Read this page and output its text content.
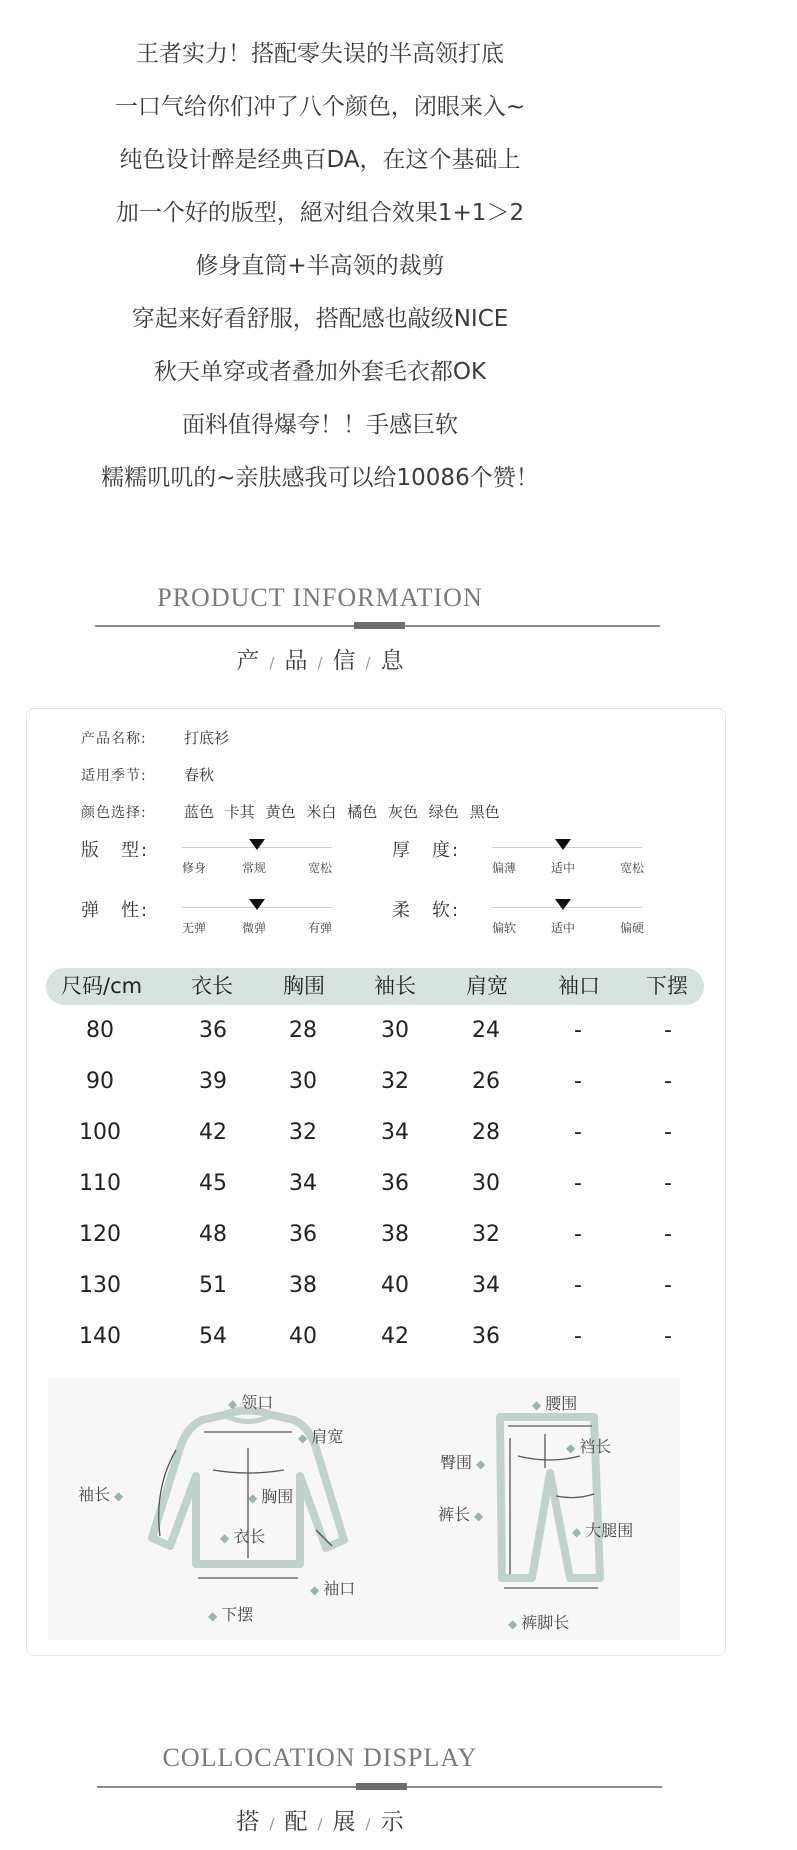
王者实力！搭配零失误的半高领打底
一口气给你们冲了八个颜色，闭眼来入~
纯色设计醉是经典百DA，在这个基础上
加一个好的版型，絕对组合效果1+1＞2
修身直筒+半高领的裁剪
穿起来好看舒服，搭配感也敲级NICE
秋天单穿或者叠加外套毛衣都OK
面料值得爆夸！！手感巨软
糯糯叽叽的~亲肤感我可以给10086个赞！
PRODUCT INFORMATION
产 / 品 / 信 / 息
产品名称: 打底衫
适用季节: 春秋
颜色选择: 蓝色 卡其 黄色 米白 橘色 灰色 绿色 黑色
版　型:
修身	常规	宽松
厚　度:
偏薄	适中	宽松
弹　性:
无弹	微弹	有弹
柔　软:
偏软	适中	偏硬
尺码/cm 衣长 胸围 袖长 肩宽 袖口 下摆
80	36	28	30	24	-	-
90	39	30	32	26	-	-
100	42	32	34	28	-	-
110	45	34	36	30	-	-
120	48	36	38	32	-	-
130	51	38	40	34	-	-
140	54	40	42	36	-	-
◆ 领口
◆ 肩宽
袖长 ◆	◆ 胸围
◆ 衣长
◆ 袖口
◆ 下摆
◆ 腰围
臀围 ◆
◆ 裆长
裤长 ◆
◆ 大腿围
◆ 裤脚长
COLLOCATION DISPLAY
搭 / 配 / 展 / 示
